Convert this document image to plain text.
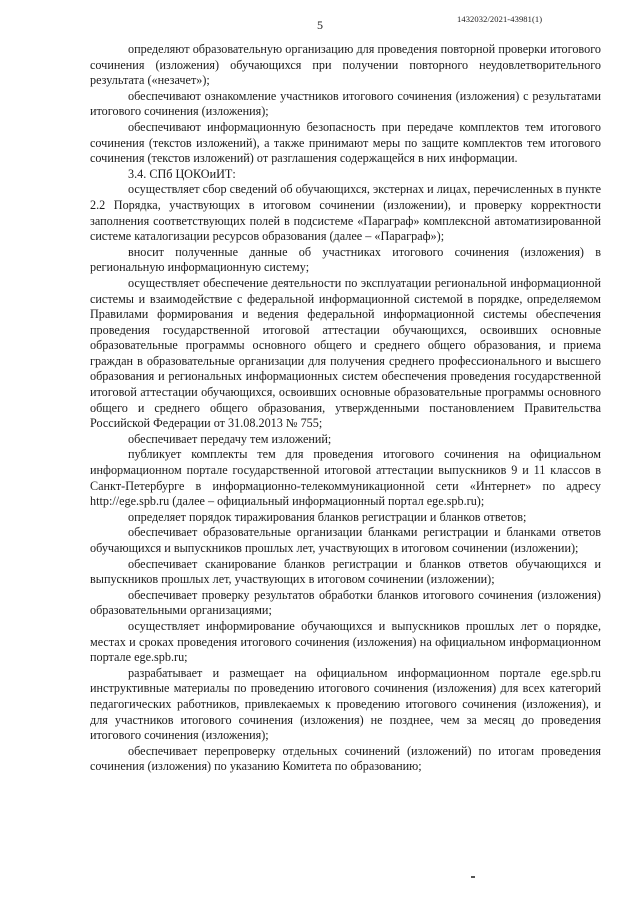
5	1432032/2021-43981(1)

определяют образовательную организацию для проведения повторной проверки итогового сочинения (изложения) обучающихся при получении повторного неудовлетворительного результата («незачет»);

обеспечивают ознакомление участников итогового сочинения (изложения) с результатами итогового сочинения (изложения);

обеспечивают информационную безопасность при передаче комплектов тем итогового сочинения (текстов изложений), а также принимают меры по защите комплектов тем итогового сочинения (текстов изложений) от разглашения содержащейся в них информации.

3.4. СПб ЦОКОиИТ:

осуществляет сбор сведений об обучающихся, экстернах и лицах, перечисленных в пункте 2.2 Порядка, участвующих в итоговом сочинении (изложении), и проверку корректности заполнения соответствующих полей в подсистеме «Параграф» комплексной автоматизированной системе каталогизации ресурсов образования (далее – «Параграф»);

вносит полученные данные об участниках итогового сочинения (изложения) в региональную информационную систему;

осуществляет обеспечение деятельности по эксплуатации региональной информационной системы и взаимодействие с федеральной информационной системой в порядке, определяемом Правилами формирования и ведения федеральной информационной системы обеспечения проведения государственной итоговой аттестации обучающихся, освоивших основные образовательные программы основного общего и среднего общего образования, и приема граждан в образовательные организации для получения среднего профессионального и высшего образования и региональных информационных систем обеспечения проведения государственной итоговой аттестации обучающихся, освоивших основные образовательные программы основного общего и среднего общего образования, утвержденными постановлением Правительства Российской Федерации от 31.08.2013 № 755;

обеспечивает передачу тем изложений;

публикует комплекты тем для проведения итогового сочинения на официальном информационном портале государственной итоговой аттестации выпускников 9 и 11 классов в Санкт-Петербурге в информационно-телекоммуникационной сети «Интернет» по адресу http://ege.spb.ru (далее – официальный информационный портал ege.spb.ru);

определяет порядок тиражирования бланков регистрации и бланков ответов;

обеспечивает образовательные организации бланками регистрации и бланками ответов обучающихся и выпускников прошлых лет, участвующих в итоговом сочинении (изложении);

обеспечивает сканирование бланков регистрации и бланков ответов обучающихся и выпускников прошлых лет, участвующих в итоговом сочинении (изложении);

обеспечивает проверку результатов обработки бланков итогового сочинения (изложения) образовательными организациями;

осуществляет информирование обучающихся и выпускников прошлых лет о порядке, местах и сроках проведения итогового сочинения (изложения) на официальном информационном портале ege.spb.ru;

разрабатывает и размещает на официальном информационном портале ege.spb.ru инструктивные материалы по проведению итогового сочинения (изложения) для всех категорий педагогических работников, привлекаемых к проведению итогового сочинения (изложения), и для участников итогового сочинения (изложения) не позднее, чем за месяц до проведения итогового сочинения (изложения);

обеспечивает перепроверку отдельных сочинений (изложений) по итогам проведения сочинения (изложения) по указанию Комитета по образованию;
